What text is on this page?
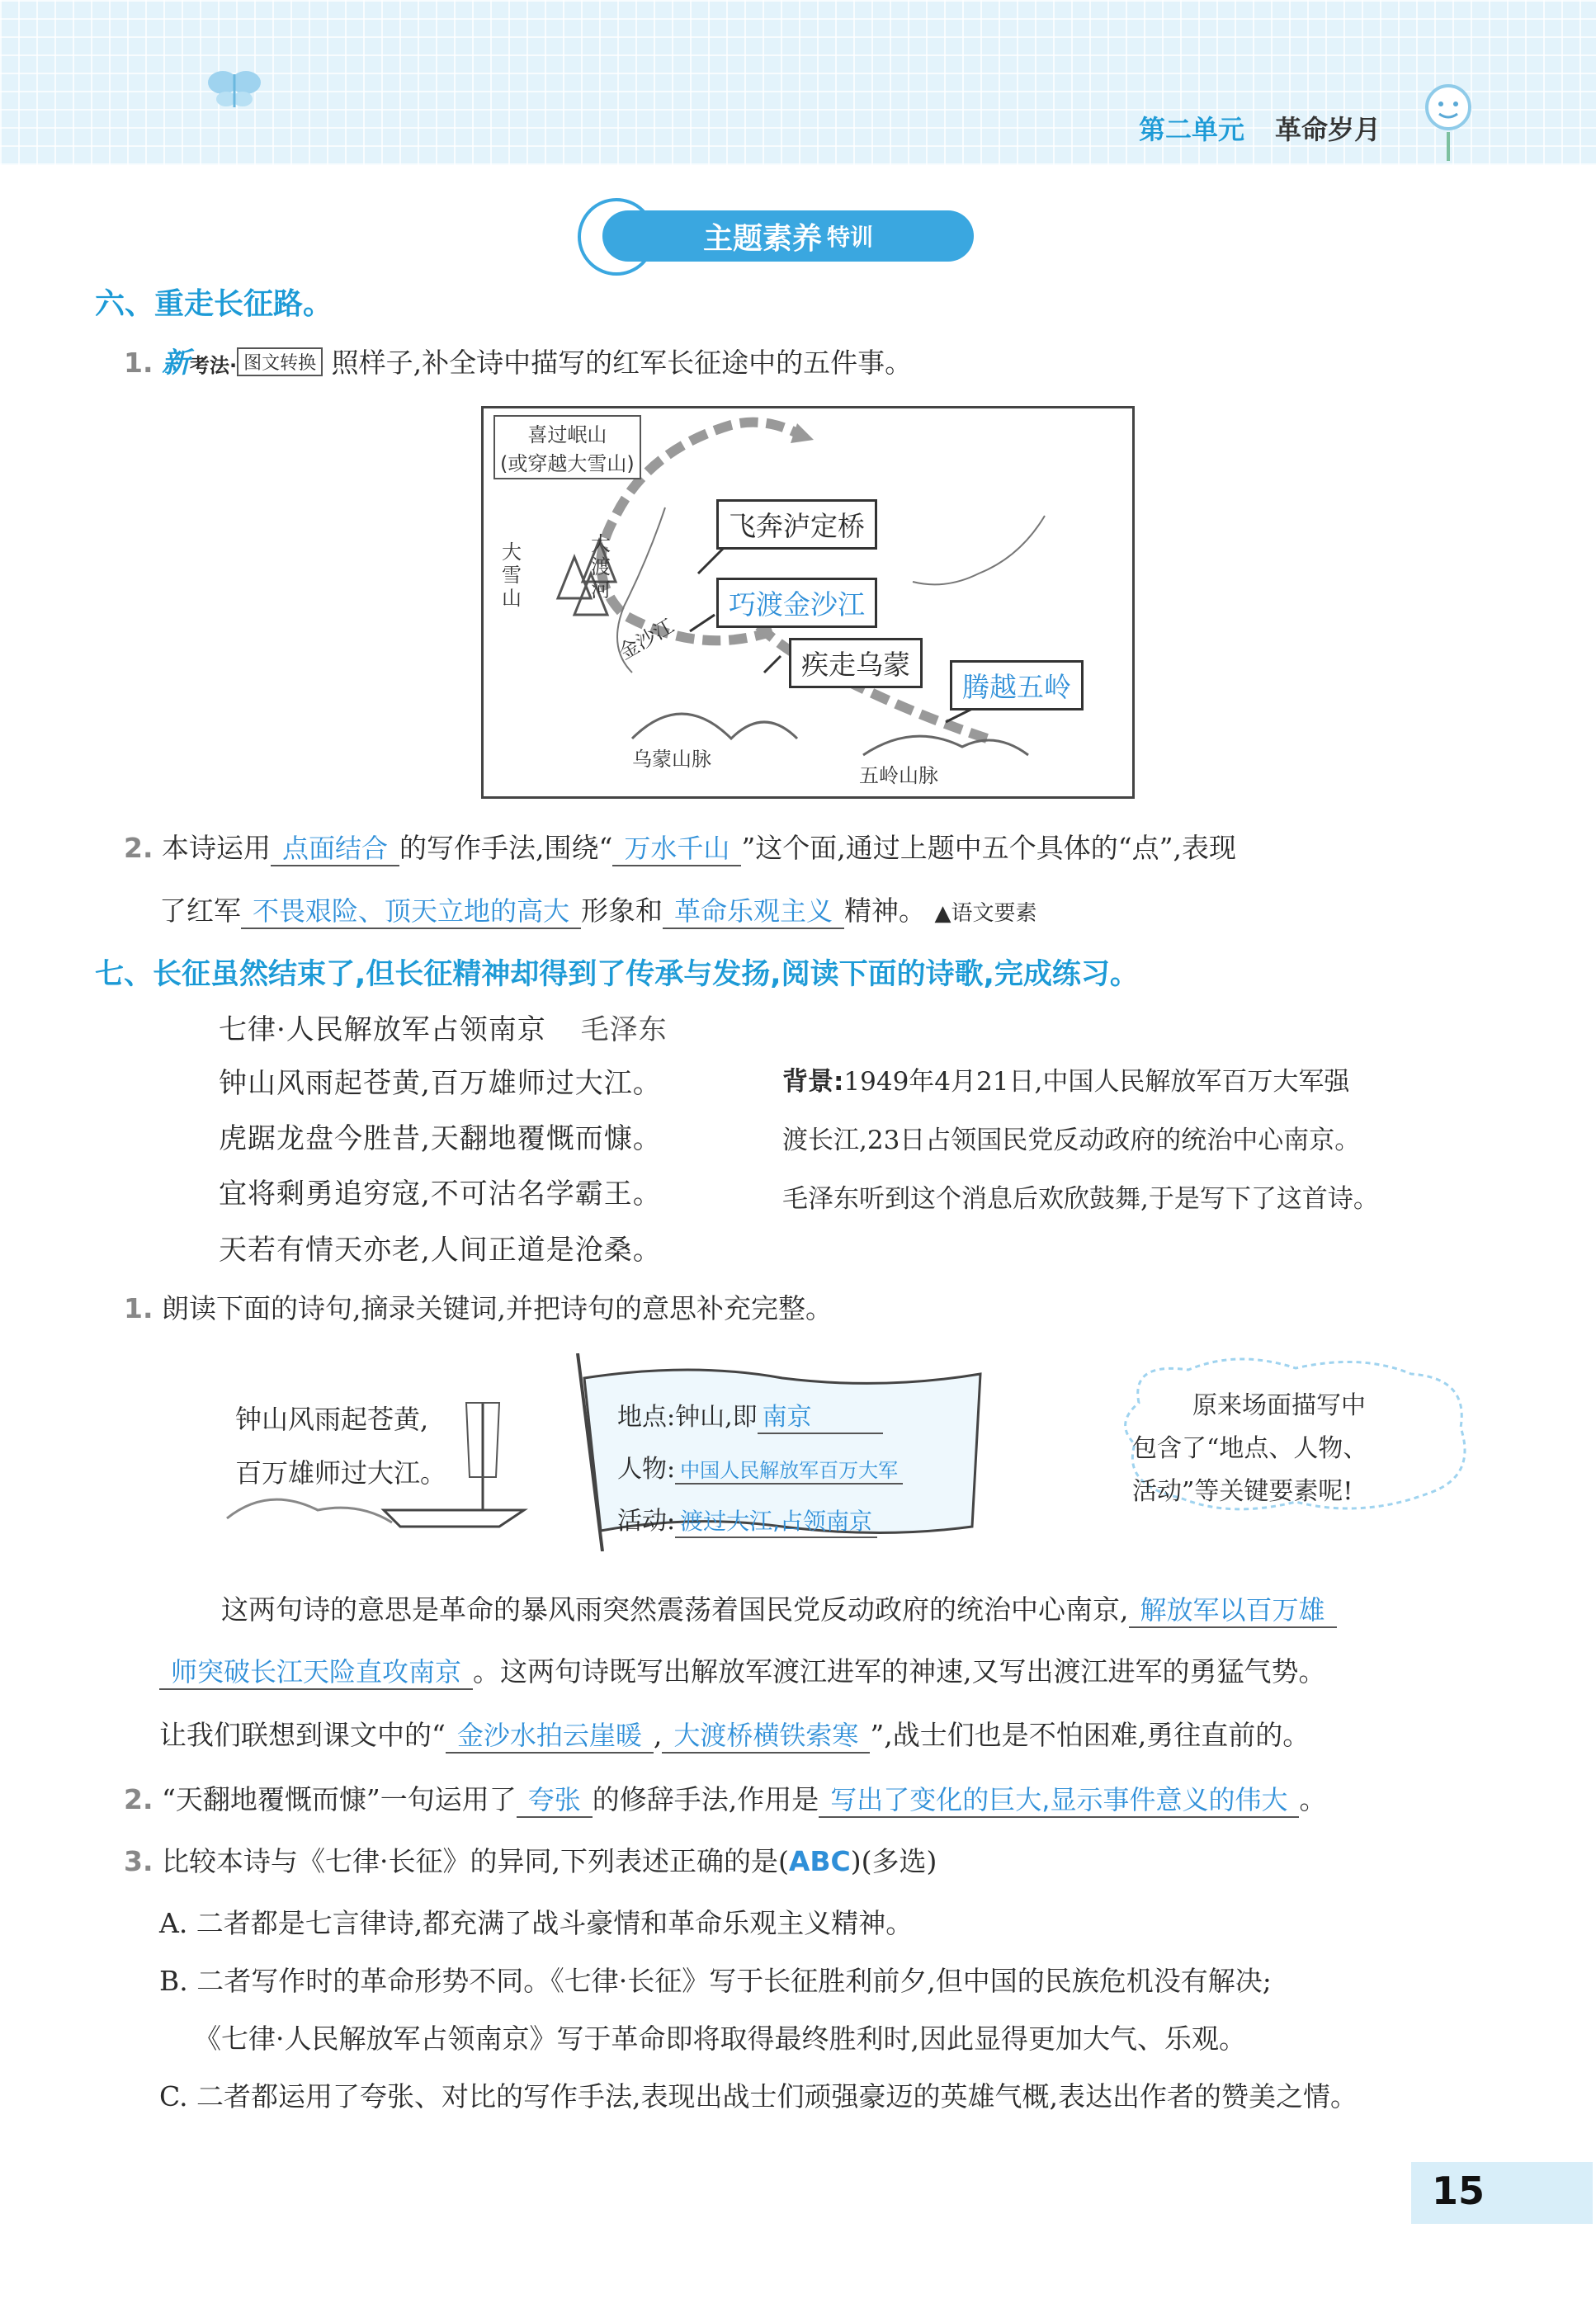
第二单元 革命岁月
主题素养 特训
六、重走长征路。
1. 新考法· 图文转换 照样子,补全诗中描写的红军长征途中的五件事。
喜过岷山
(或穿越大雪山)
飞奔泸定桥
巧渡金沙江
疾走乌蒙
腾越五岭
大雪山
大渡河
金沙江
乌蒙山脉
五岭山脉
2. 本诗运用 点面结合 的写作手法,围绕“ 万水千山 ”这个面,通过上题中五个具体的“点”,表现
了红军 不畏艰险、顶天立地的高大 形象和 革命乐观主义 精神。 ▲语文要素
七、长征虽然结束了,但长征精神却得到了传承与发扬,阅读下面的诗歌,完成练习。
七律·人民解放军占领南京 毛泽东
钟山风雨起苍黄,百万雄师过大江。
虎踞龙盘今胜昔,天翻地覆慨而慷。
宜将剩勇追穷寇,不可沽名学霸王。
天若有情天亦老,人间正道是沧桑。
背景:1949年4月21日,中国人民解放军百万大军强
渡长江,23日占领国民党反动政府的统治中心南京。
毛泽东听到这个消息后欢欣鼓舞,于是写下了这首诗。
1. 朗读下面的诗句,摘录关键词,并把诗句的意思补充完整。
钟山风雨起苍黄,
百万雄师过大江。
地点:钟山,即 南京
人物: 中国人民解放军百万大军
活动: 渡过大江,占领南京
原来场面描写中
包含了“地点、人物、
活动”等关键要素呢!
这两句诗的意思是革命的暴风雨突然震荡着国民党反动政府的统治中心南京, 解放军以百万雄
师突破长江天险直攻南京 。这两句诗既写出解放军渡江进军的神速,又写出渡江进军的勇猛气势。
让我们联想到课文中的“ 金沙水拍云崖暖 , 大渡桥横铁索寒 ”,战士们也是不怕困难,勇往直前的。
2. “天翻地覆慨而慷”一句运用了 夸张 的修辞手法,作用是 写出了变化的巨大,显示事件意义的伟大 。
3. 比较本诗与《七律·长征》的异同,下列表述正确的是(ABC)(多选)
A. 二者都是七言律诗,都充满了战斗豪情和革命乐观主义精神。
B. 二者写作时的革命形势不同。《七律·长征》写于长征胜利前夕,但中国的民族危机没有解决;
《七律·人民解放军占领南京》写于革命即将取得最终胜利时,因此显得更加大气、乐观。
C. 二者都运用了夸张、对比的写作手法,表现出战士们顽强豪迈的英雄气概,表达出作者的赞美之情。
15
